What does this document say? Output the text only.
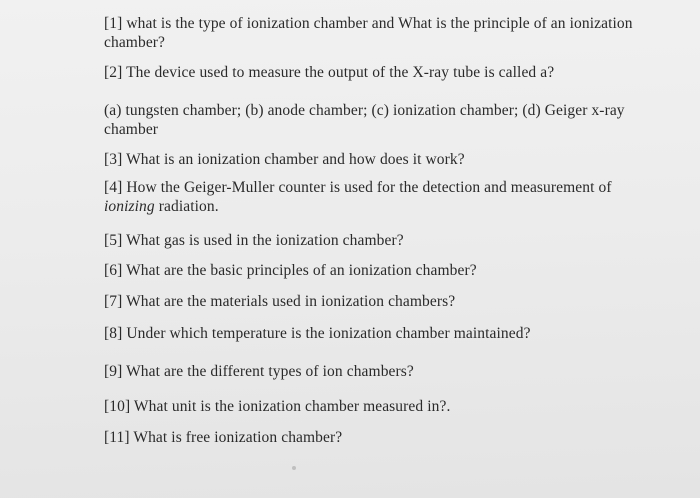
[1] what is the type of ionization chamber and What is the principle of an ionization chamber?

[2] The device used to measure the output of the X-ray tube is called a?

(a) tungsten chamber; (b) anode chamber; (c) ionization chamber; (d) Geiger x-ray chamber

[3] What is an ionization chamber and how does it work?

[4] How the Geiger-Muller counter is used for the detection and measurement of ionizing radiation.

[5] What gas is used in the ionization chamber?

[6] What are the basic principles of an ionization chamber?

[7] What are the materials used in ionization chambers?

[8] Under which temperature is the ionization chamber maintained?

[9] What are the different types of ion chambers?

[10] What unit is the ionization chamber measured in?.

[11] What is free ionization chamber?
